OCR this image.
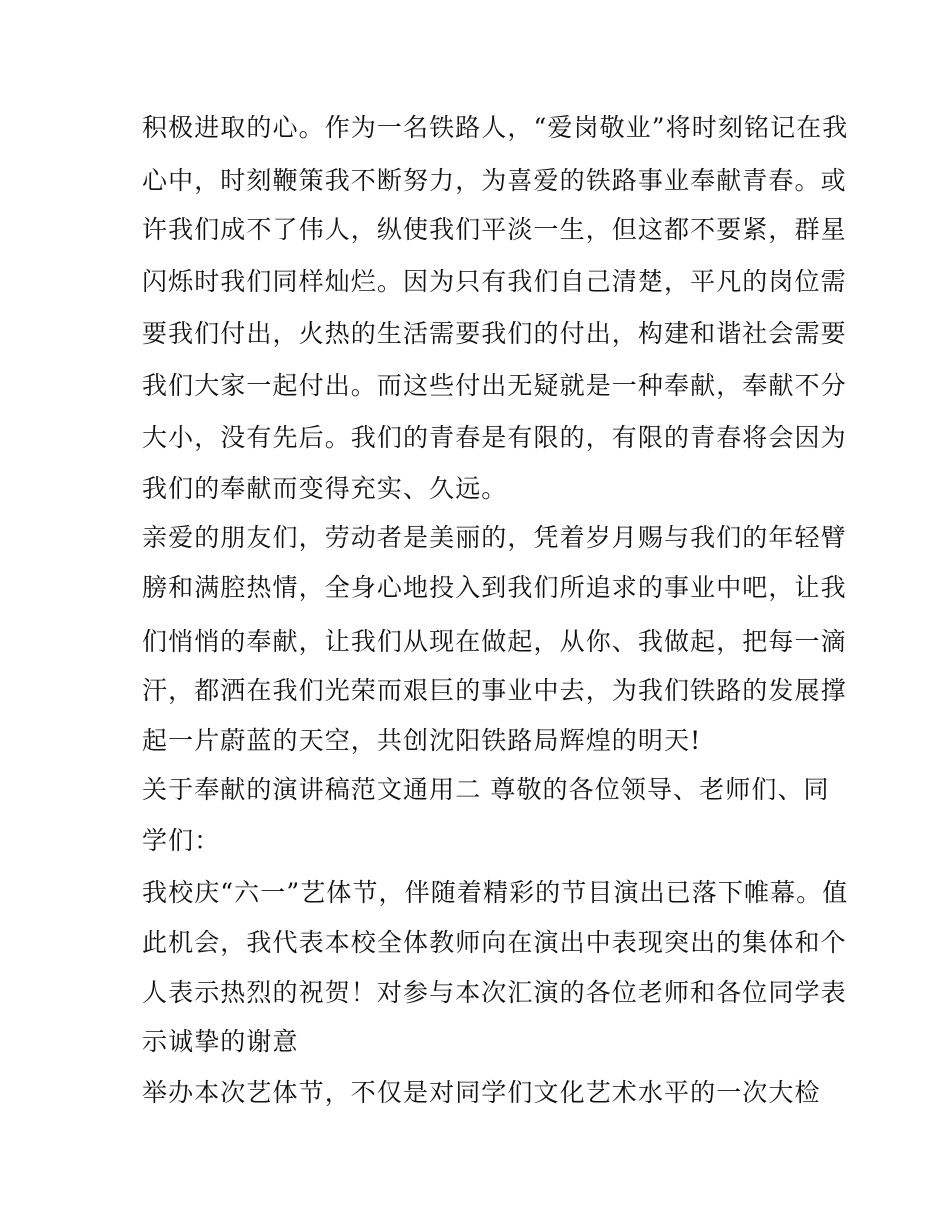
积极进取的心。作为一名铁路人，“爱岗敬业”将时刻铭记在我
心中，时刻鞭策我不断努力，为喜爱的铁路事业奉献青春。或
许我们成不了伟人，纵使我们平淡一生，但这都不要紧，群星
闪烁时我们同样灿烂。因为只有我们自己清楚，平凡的岗位需
要我们付出，火热的生活需要我们的付出，构建和谐社会需要
我们大家一起付出。而这些付出无疑就是一种奉献，奉献不分
大小，没有先后。我们的青春是有限的，有限的青春将会因为
我们的奉献而变得充实、久远。
亲爱的朋友们，劳动者是美丽的，凭着岁月赐与我们的年轻臂
膀和满腔热情，全身心地投入到我们所追求的事业中吧，让我
们悄悄的奉献，让我们从现在做起，从你、我做起，把每一滴
汗，都洒在我们光荣而艰巨的事业中去，为我们铁路的发展撑
起一片蔚蓝的天空，共创沈阳铁路局辉煌的明天!
关于奉献的演讲稿范文通用二 尊敬的各位领导、老师们、同
学们：
我校庆“六一”艺体节，伴随着精彩的节目演出已落下帷幕。值
此机会，我代表本校全体教师向在演出中表现突出的集体和个
人表示热烈的祝贺！对参与本次汇演的各位老师和各位同学表
示诚挚的谢意
举办本次艺体节，不仅是对同学们文化艺术水平的一次大检
